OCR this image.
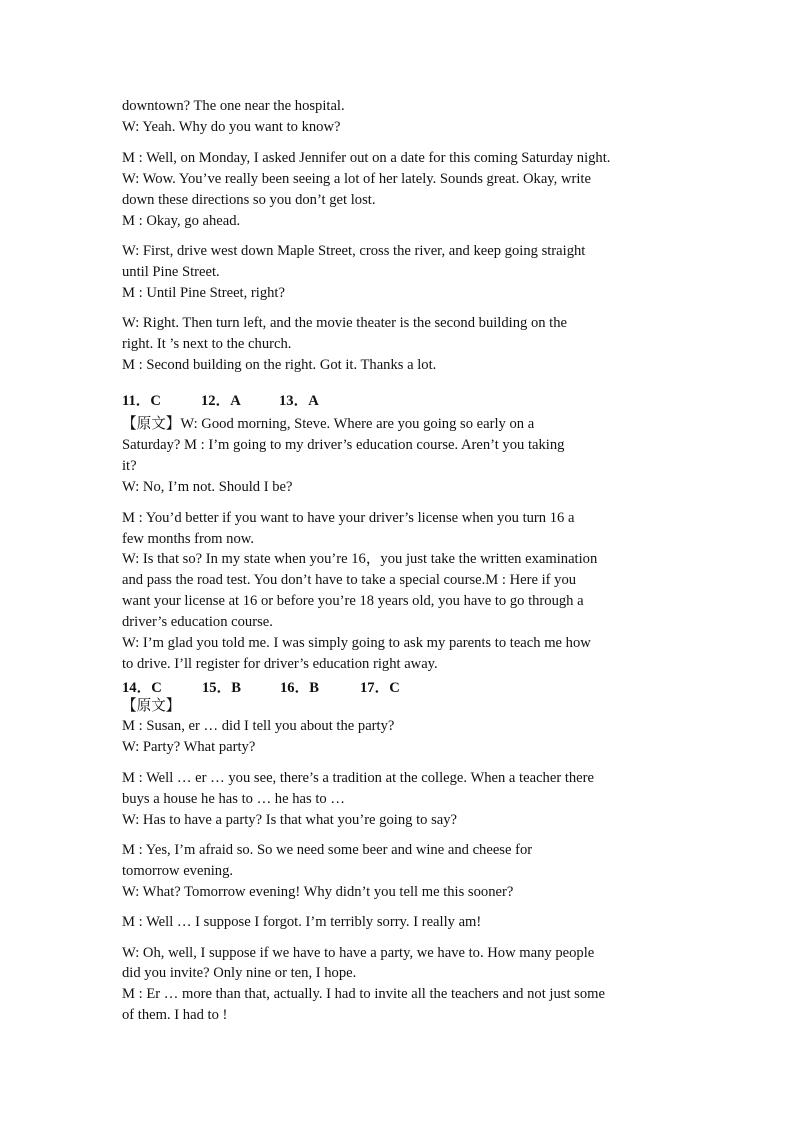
downtown? The one near the hospital.
W: Yeah. Why do you want to know?
M : Well, on Monday, I asked Jennifer out on a date for this coming Saturday night.
W: Wow. You’ve really been seeing a lot of her lately. Sounds great. Okay, write
down these directions so you don’t get lost.
M : Okay, go ahead.
W: First, drive west down Maple Street, cross the river, and keep going straight
until Pine Street.
M : Until Pine Street, right?
W: Right. Then turn left, and the movie theater is the second building on the
right. It ’s next to the church.
M : Second building on the right. Got it. Thanks a lot.
11．C	12．A	13．A
【原文】W: Good morning, Steve. Where are you going so early on a
Saturday? M : I’m going to my driver’s education course. Aren’t you taking
it?
W: No, I’m not. Should I be?
M : You’d better if you want to have your driver’s license when you turn 16 a
few months from now.
W: Is that so? In my state when you’re 16，you just take the written examination
and pass the road test. You don’t have to take a special course.M : Here if you
want your license at 16 or before you’re 18 years old, you have to go through a
driver’s education course.
W: I’m glad you told me. I was simply going to ask my parents to teach me how
to drive. I’ll register for driver’s education right away.
14．C	15．B	16．B	17．C
【原文】
M : Susan, er … did I tell you about the party?
W: Party? What party?
M : Well … er … you see, there’s a tradition at the college. When a teacher there
buys a house he has to … he has to …
W: Has to have a party? Is that what you’re going to say?
M : Yes, I’m afraid so. So we need some beer and wine and cheese for
tomorrow evening.
W: What? Tomorrow evening! Why didn’t you tell me this sooner?
M : Well … I suppose I forgot. I’m terribly sorry. I really am!
W: Oh, well, I suppose if we have to have a party, we have to. How many people
did you invite? Only nine or ten, I hope.
M : Er … more than that, actually. I had to invite all the teachers and not just some
of them. I had to !
